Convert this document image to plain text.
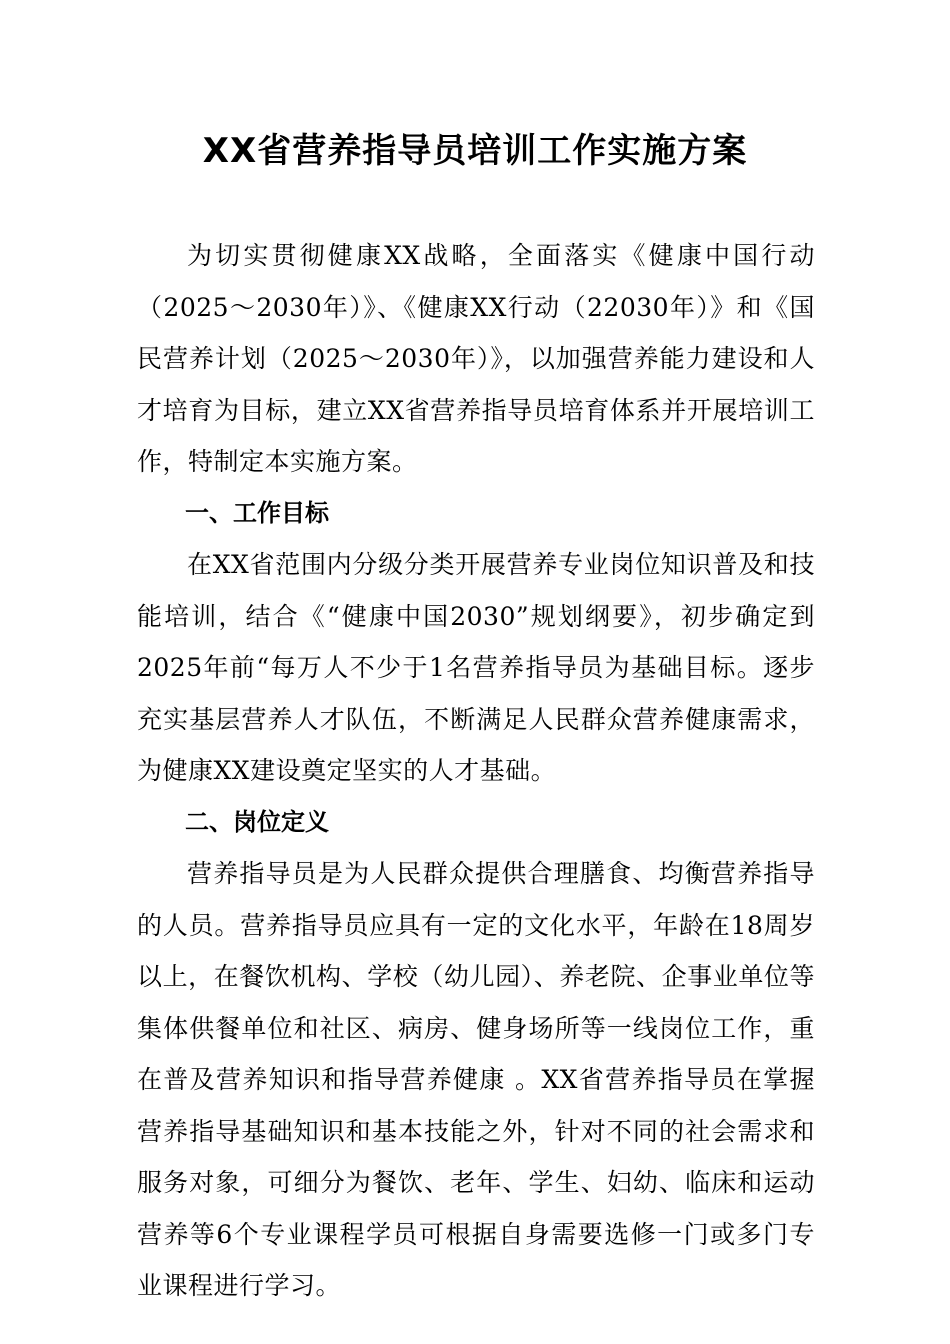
XX省营养指导员培训工作实施方案

为切实贯彻健康XX战略，全面落实《健康中国行动（2025～2030年）》、《健康XX行动（22030年）》和《国民营养计划（2025～2030年）》，以加强营养能力建设和人才培育为目标，建立XX省营养指导员培育体系并开展培训工作，特制定本实施方案。

一、工作目标

在XX省范围内分级分类开展营养专业岗位知识普及和技能培训，结合《“健康中国2030”规划纲要》，初步确定到2025年前“每万人不少于1名营养指导员为基础目标。逐步充实基层营养人才队伍，不断满足人民群众营养健康需求，为健康XX建设奠定坚实的人才基础。

二、岗位定义

营养指导员是为人民群众提供合理膳食、均衡营养指导的人员。营养指导员应具有一定的文化水平，年龄在18周岁以上，在餐饮机构、学校（幼儿园）、养老院、企事业单位等集体供餐单位和社区、病房、健身场所等一线岗位工作，重在普及营养知识和指导营养健康 。XX省营养指导员在掌握营养指导基础知识和基本技能之外，针对不同的社会需求和服务对象，可细分为餐饮、老年、学生、妇幼、临床和运动营养等6个专业课程学员可根据自身需要选修一门或多门专业课程进行学习。
